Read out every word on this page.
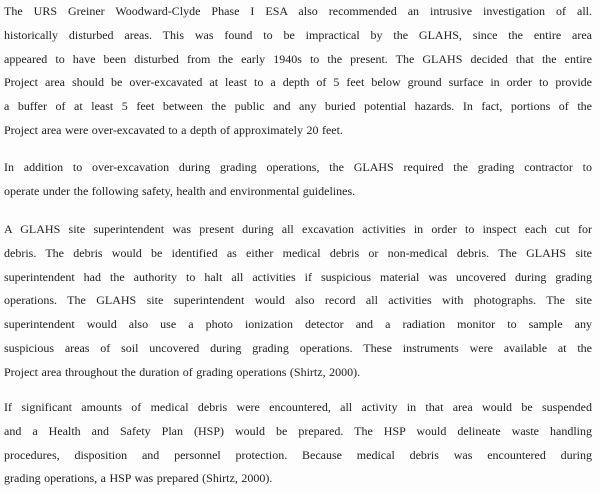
The URS Greiner Woodward-Clyde Phase I ESA also recommended an intrusive investigation of all.
historically disturbed areas. This was found to be impractical by the GLAHS, since the entire area
appeared to have been disturbed from the early 1940s to the present. The GLAHS decided that the entire
Project area should be over-excavated at least to a depth of 5 feet below ground surface in order to provide
a buffer of at least 5 feet between the public and any buried potential hazards. In fact, portions of the
Project area were over-excavated to a depth of approximately 20 feet.
In addition to over-excavation during grading operations, the GLAHS required the grading contractor to
operate under the following safety, health and environmental guidelines.
A GLAHS site superintendent was present during all excavation activities in order to inspect each cut for
debris. The debris would be identified as either medical debris or non-medical debris. The GLAHS site
superintendent had the authority to halt all activities if suspicious material was uncovered during grading
operations. The GLAHS site superintendent would also record all activities with photographs. The site
superintendent would also use a photo ionization detector and a radiation monitor to sample any
suspicious areas of soil uncovered during grading operations. These instruments were available at the
Project area throughout the duration of grading operations (Shirtz, 2000).
If significant amounts of medical debris were encountered, all activity in that area would be suspended
and a Health and Safety Plan (HSP) would be prepared. The HSP would delineate waste handling
procedures, disposition and personnel protection. Because medical debris was encountered during
grading operations, a HSP was prepared (Shirtz, 2000).
